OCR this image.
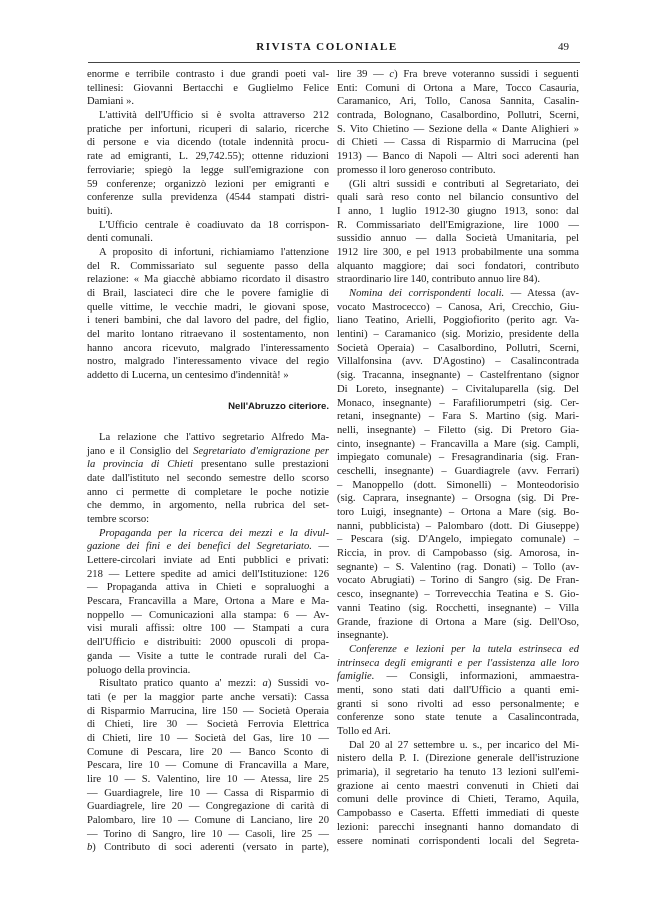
RIVISTA COLONIALE	49
enorme e terribile contrasto i due grandi poeti val-
tellinesi: Giovanni Bertacchi e Guglielmo Felice
Damiani ».
L'attività dell'Ufficio si è svolta attraverso 212
pratiche per infortuni, ricuperi di salario, ricerche
di persone e via dicendo (totale indennità procu-
rate ad emigranti, L. 29,742.55); ottenne riduzioni
ferroviarie; spiegò la legge sull'emigrazione con
59 conferenze; organizzò lezioni per emigranti e
conferenze sulla previdenza (4544 stampati distri-
buiti).
L'Ufficio centrale è coadiuvato da 18 corrispon-
denti comunali.
A proposito di infortuni, richiamiamo l'attenzione
del R. Commissariato sul seguente passo della
relazione: « Ma giacchè abbiamo ricordato il disastro
di Brail, lasciateci dire che le povere famiglie di
quelle vittime, le vecchie madri, le giovani spose,
i teneri bambini, che dal lavoro del padre, del figlio,
del marito lontano ritraevano il sostentamento, non
hanno ancora ricevuto, malgrado l'interessamento
nostro, malgrado l'interessamento vivace del regio
addetto di Lucerna, un centesimo d'indennità! »
Nell'Abruzzo citeriore.
La relazione che l'attivo segretario Alfredo Ma-
jano e il Consiglio del Segretariato d'emigrazione per
la provincia di Chieti presentano sulle prestazioni
date dall'istituto nel secondo semestre dello scorso
anno ci permette di completare le poche notizie
che demmo, in argomento, nella rubrica del set-
tembre scorso:
Propaganda per la ricerca dei mezzi e la divul-
gazione dei fini e dei benefici del Segretariato. —
Lettere-circolari inviate ad Enti pubblici e privati:
218 — Lettere spedite ad amici dell'Istituzione: 126
— Propaganda attiva in Chieti e sopraluoghi a
Pescara, Francavilla a Mare, Ortona a Mare e Ma-
noppello — Comunicazioni alla stampa: 6 — Av-
visi murali affissi: oltre 100 — Stampati a cura
dell'Ufficio e distribuiti: 2000 opuscoli di propa-
ganda — Visite a tutte le contrade rurali del Ca-
poluogo della provincia.
Risultato pratico quanto a' mezzi: a) Sussidi vo-
tati (e per la maggior parte anche versati): Cassa
di Risparmio Marrucina, lire 150 — Società Operaia
di Chieti, lire 30 — Società Ferrovia Elettrica
di Chieti, lire 10 — Società del Gas, lire 10 —
Comune di Pescara, lire 20 — Banco Sconto di
Pescara, lire 10 — Comune di Francavilla a Mare,
lire 10 — S. Valentino, lire 10 — Atessa, lire 25
— Guardiagrele, lire 10 — Cassa di Risparmio di
Guardiagrele, lire 20 — Congregazione di carità di
Palombaro, lire 10 — Comune di Lanciano, lire 20
— Torino di Sangro, lire 10 — Casoli, lire 25 —
b) Contributo di soci aderenti (versato in parte),
lire 39 — c) Fra breve voteranno sussidi i seguenti
Enti: Comuni di Ortona a Mare, Tocco Casauria,
Caramanico, Ari, Tollo, Canosa Sannita, Casalin-
contrada, Bolognano, Casalbordino, Pollutri, Scerni,
S. Vito Chietino — Sezione della « Dante Alighieri »
di Chieti — Cassa di Risparmio di Marrucina (pel
1913) — Banco di Napoli — Altri soci aderenti han
promesso il loro generoso contributo.
(Gli altri sussidi e contributi al Segretariato, dei
quali sarà reso conto nel bilancio consuntivo del
I anno, 1 luglio 1912-30 giugno 1913, sono: dal
R. Commissariato dell'Emigrazione, lire 1000 —
sussidio annuo — dalla Società Umanitaria, pel
1912 lire 300, e pel 1913 probabilmente una somma
alquanto maggiore; dai soci fondatori, contributo
straordinario lire 140, contributo annuo lire 84).
Nomina dei corrispondenti locali. — Atessa (av-
vocato Mastrocecco) – Canosa, Ari, Crecchio, Giu-
liano Teatino, Arielli, Poggiofiorito (perito agr. Va-
lentini) – Caramanico (sig. Morizio, presidente della
Società Operaia) – Casalbordino, Pollutri, Scerni,
Villalfonsina (avv. D'Agostino) – Casalincontrada
(sig. Tracanna, insegnante) – Castelfrentano (signor
Di Loreto, insegnante) – Civitaluparella (sig. Del
Monaco, insegnante) – Farafiliorumpetri (sig. Cer-
retani, insegnante) – Fara S. Martino (sig. Mari-
nelli, insegnante) – Filetto (sig. Di Pretoro Gia-
cinto, insegnante) – Francavilla a Mare (sig. Campli,
impiegato comunale) – Fresagrandinaria (sig. Fran-
ceschelli, insegnante) – Guardiagrele (avv. Ferrari)
– Manoppello (dott. Simonelli) – Monteodorisio
(sig. Caprara, insegnante) – Orsogna (sig. Di Pre-
toro Luigi, insegnante) – Ortona a Mare (sig. Bo-
nanni, pubblicista) – Palombaro (dott. Di Giuseppe)
– Pescara (sig. D'Angelo, impiegato comunale) –
Riccia, in prov. di Campobasso (sig. Amorosa, in-
segnante) – S. Valentino (rag. Donati) – Tollo (av-
vocato Abrugiati) – Torino di Sangro (sig. De Fran-
cesco, insegnante) – Torrevecchia Teatina e S. Gio-
vanni Teatino (sig. Rocchetti, insegnante) – Villa
Grande, frazione di Ortona a Mare (sig. Dell'Oso,
insegnante).
Conferenze e lezioni per la tutela estrinseca ed
intrinseca degli emigranti e per l'assistenza alle loro
famiglie. — Consigli, informazioni, ammaestra-
menti, sono stati dati dall'Ufficio a quanti emi-
granti si sono rivolti ad esso personalmente; e
conferenze sono state tenute a Casalincontrada,
Tollo ed Ari.
Dal 20 al 27 settembre u. s., per incarico del Mi-
nistero della P. I. (Direzione generale dell'istruzione
primaria), il segretario ha tenuto 13 lezioni sull'emi-
grazione ai cento maestri convenuti in Chieti dai
comuni delle province di Chieti, Teramo, Aquila,
Campobasso e Caserta. Effetti immediati di queste
lezioni: parecchi insegnanti hanno domandato di
essere nominati corrispondenti locali del Segreta-
